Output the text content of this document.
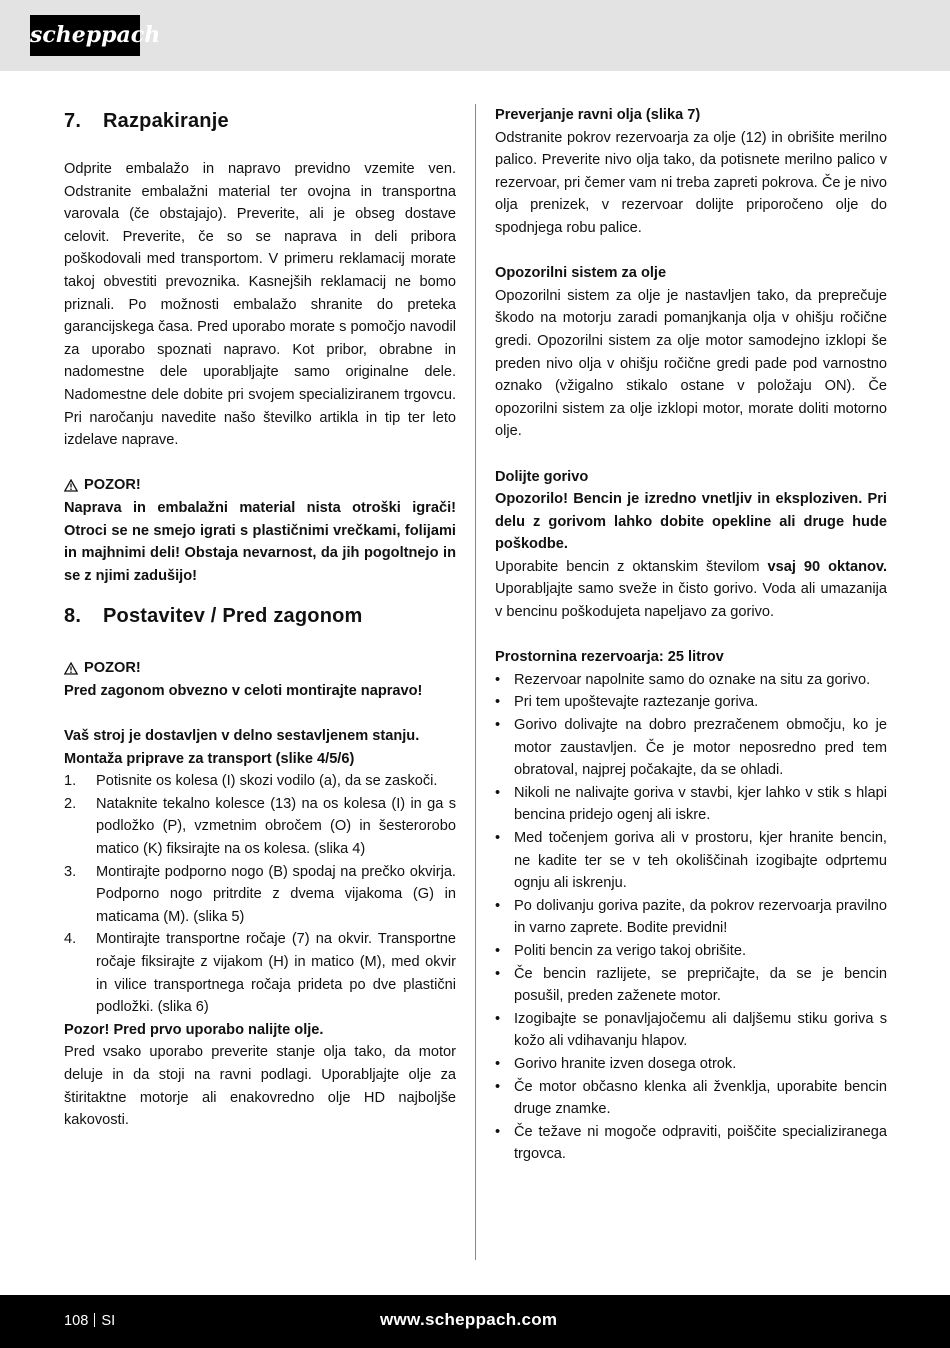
scheppach
7.	Razpakiranje

Odprite embalažo in napravo previdno vzemite ven. Odstranite embalažni material ter ovojna in transportna varovala (če obstajajo). Preverite, ali je obseg dostave celovit. Preverite, če so se naprava in deli pribora poškodovali med transportom. V primeru reklamacij morate takoj obvestiti prevoznika. Kasnejših reklamacij ne bomo priznali. Po možnosti embalažo shranite do preteka garancijskega časa. Pred uporabo morate s pomočjo navodil za uporabo spoznati napravo. Kot pribor, obrabne in nadomestne dele uporabljajte samo originalne dele. Nadomestne dele dobite pri svojem specializiranem trgovcu. Pri naročanju navedite našo številko artikla in tip ter leto izdelave naprave.

POZOR!

Naprava in embalažni material nista otroški igrači! Otroci se ne smejo igrati s plastičnimi vrečkami, folijami in majhnimi deli! Obstaja nevarnost, da jih pogoltnejo in se z njimi zadušijo!

8.	Postavitev / Pred zagonom
POZOR!

Pred zagonom obvezno v celoti montirajte napravo!

Vaš stroj je dostavljen v delno sestavljenem stanju.

Montaža priprave za transport (slike 4/5/6)

1.	Potisnite os kolesa (I) skozi vodilo (a), da se zaskoči.
2.	Nataknite tekalno kolesce (13) na os kolesa (I) in ga s podložko (P), vzmetnim obročem (O) in šesterorobo matico (K) fiksirajte na os kolesa. (slika 4)
3.	Montirajte podporno nogo (B) spodaj na prečko okvirja. Podporno nogo pritrdite z dvema vijakoma (G) in maticama (M). (slika 5)
4.	Montirajte transportne ročaje (7) na okvir. Transportne ročaje fiksirajte z vijakom (H) in matico (M), med okvir in vilice transportnega ročaja prideta po dve plastični podložki. (slika 6)

Pozor! Pred prvo uporabo nalijte olje.

Pred vsako uporabo preverite stanje olja tako, da motor deluje in da stoji na ravni podlagi. Uporabljajte olje za štiritaktne motorje ali enakovredno olje HD najboljše kakovosti.

Preverjanje ravni olja (slika 7)

Odstranite pokrov rezervoarja za olje (12) in obrišite merilno palico. Preverite nivo olja tako, da potisnete merilno palico v rezervoar, pri čemer vam ni treba zapreti pokrova. Če je nivo olja prenizek, v rezervoar dolijte priporočeno olje do spodnjega robu palice.

Opozorilni sistem za olje

Opozorilni sistem za olje je nastavljen tako, da preprečuje škodo na motorju zaradi pomanjkanja olja v ohišju ročične gredi. Opozorilni sistem za olje motor samodejno izklopi še preden nivo olja v ohišju ročične gredi pade pod varnostno oznako (vžigalno stikalo ostane v položaju ON). Če opozorilni sistem za olje izklopi motor, morate doliti motorno olje.

Dolijte gorivo

Opozorilo! Bencin je izredno vnetljiv in eksploziven. Pri delu z gorivom lahko dobite opekline ali druge hude poškodbe.

Uporabite bencin z oktanskim številom vsaj 90 oktanov. Uporabljajte samo sveže in čisto gorivo. Voda ali umazanija v bencinu poškodujeta napeljavo za gorivo.

Prostornina rezervoarja: 25 litrov

• Rezervoar napolnite samo do oznake na situ za gorivo.
• Pri tem upoštevajte raztezanje goriva.
• Gorivo dolivajte na dobro prezračenem območju, ko je motor zaustavljen. Če je motor neposredno pred tem obratoval, najprej počakajte, da se ohladi.
• Nikoli ne nalivajte goriva v stavbi, kjer lahko v stik s hlapi bencina pridejo ogenj ali iskre.
• Med točenjem goriva ali v prostoru, kjer hranite bencin, ne kadite ter se v teh okoliščinah izogibajte odprtemu ognju ali iskrenju.
• Po dolivanju goriva pazite, da pokrov rezervoarja pravilno in varno zaprete. Bodite previdni!
• Politi bencin za verigo takoj obrišite.
• Če bencin razlijete, se prepričajte, da se je bencin posušil, preden zaženete motor.
• Izogibajte se ponavljajočemu ali daljšemu stiku goriva s kožo ali vdihavanju hlapov.
• Gorivo hranite izven dosega otrok.
• Če motor občasno klenka ali žvenklja, uporabite bencin druge znamke.
• Če težave ni mogoče odpraviti, poiščite specializiranega trgovca.
108 SI	www.scheppach.com
